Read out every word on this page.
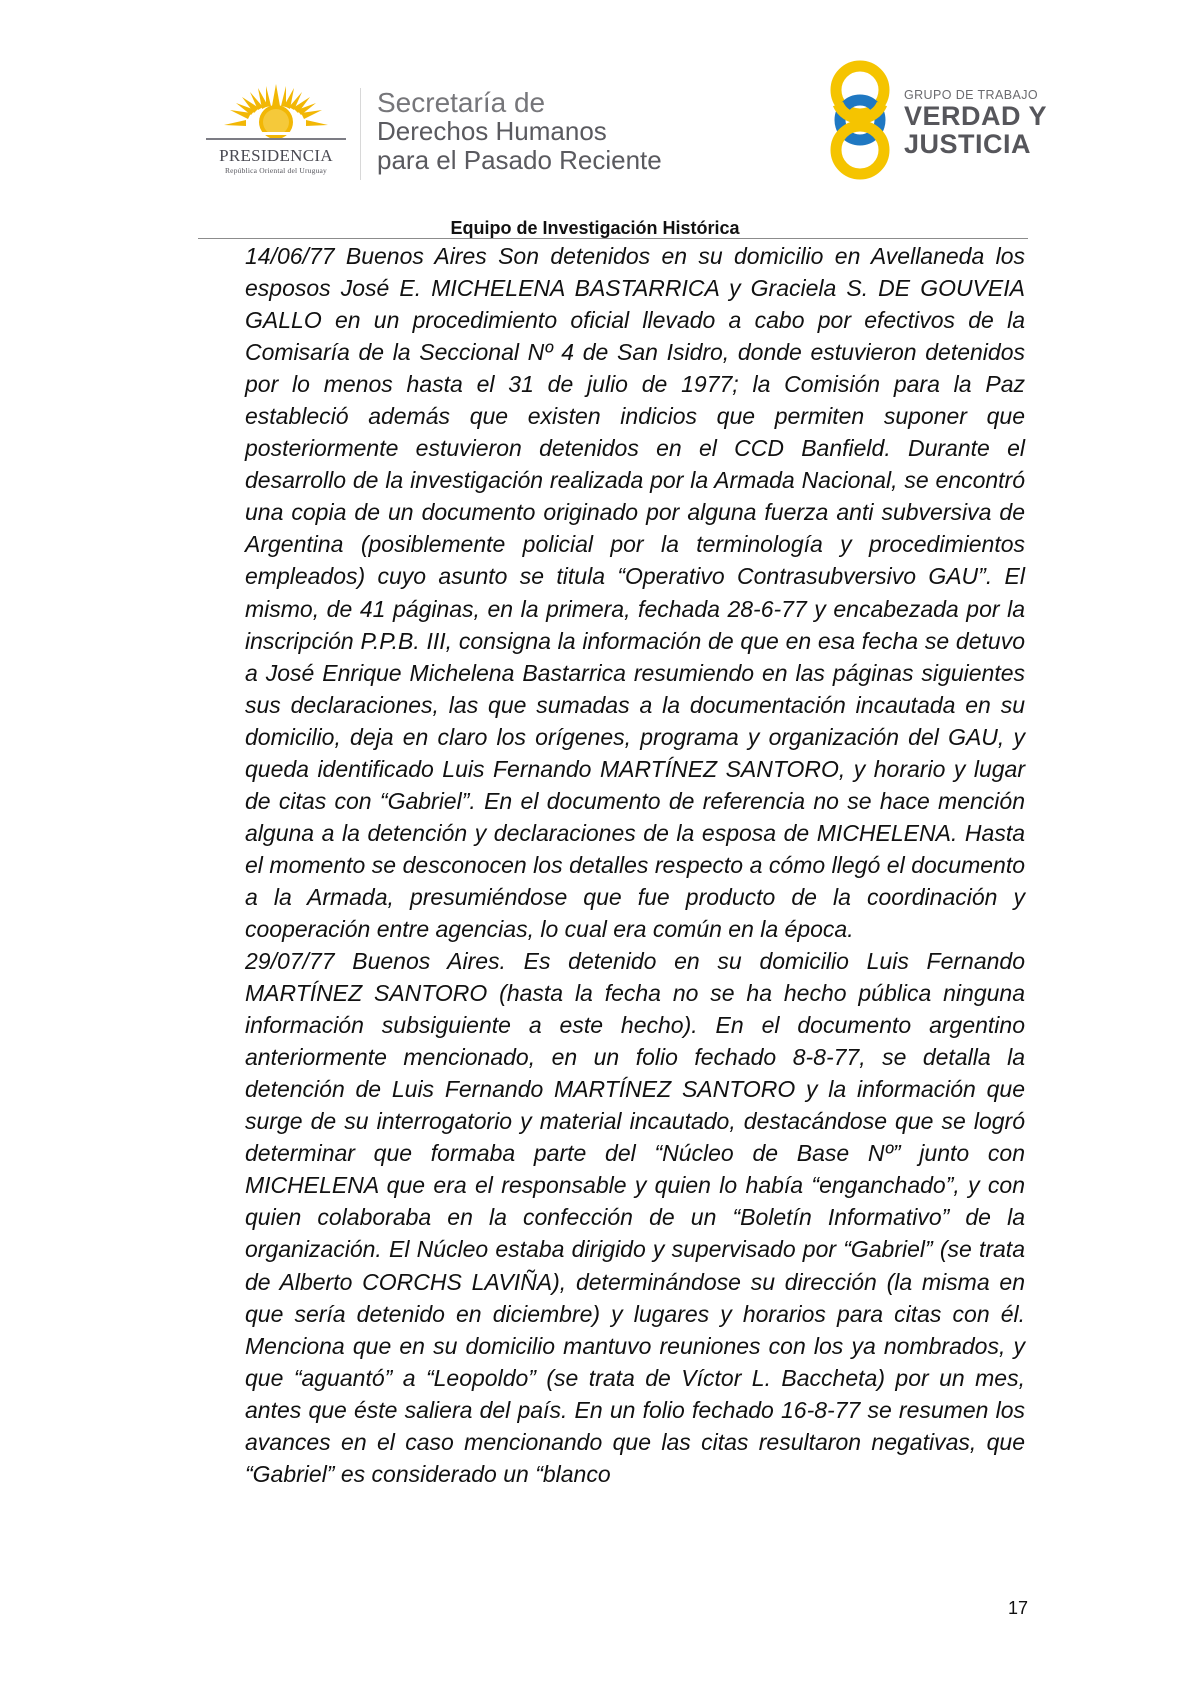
PRESIDENCIA
República Oriental del Uruguay
Secretaría de
Derechos Humanos
para el Pasado Reciente
GRUPO DE TRABAJO
VERDAD Y
JUSTICIA
Equipo de Investigación Histórica

14/06/77 Buenos Aires Son detenidos en su domicilio en Avellaneda los esposos José E. MICHELENA BASTARRICA y Graciela S. DE GOUVEIA GALLO en un procedimiento oficial llevado a cabo por efectivos de la Comisaría de la Seccional Nº 4 de San Isidro, donde estuvieron detenidos por lo menos hasta el 31 de julio de 1977; la Comisión para la Paz estableció además que existen indicios que permiten suponer que posteriormente estuvieron detenidos en el CCD Banfield. Durante el desarrollo de la investigación realizada por la Armada Nacional, se encontró una copia de un documento originado por alguna fuerza anti subversiva de Argentina (posiblemente policial por la terminología y procedimientos empleados) cuyo asunto se titula “Operativo Contrasubversivo GAU”. El mismo, de 41 páginas, en la primera, fechada 28-6-77 y encabezada por la inscripción P.P.B. III, consigna la información de que en esa fecha se detuvo a José Enrique Michelena Bastarrica resumiendo en las páginas siguientes sus declaraciones, las que sumadas a la documentación incautada en su domicilio, deja en claro los orígenes, programa y organización del GAU, y queda identificado Luis Fernando MARTÍNEZ SANTORO, y horario y lugar de citas con “Gabriel”. En el documento de referencia no se hace mención alguna a la detención y declaraciones de la esposa de MICHELENA. Hasta el momento se desconocen los detalles respecto a cómo llegó el documento a la Armada, presumiéndose que fue producto de la coordinación y cooperación entre agencias, lo cual era común en la época.

29/07/77 Buenos Aires. Es detenido en su domicilio Luis Fernando MARTÍNEZ SANTORO (hasta la fecha no se ha hecho pública ninguna información subsiguiente a este hecho). En el documento argentino anteriormente mencionado, en un folio fechado 8-8-77, se detalla la detención de Luis Fernando MARTÍNEZ SANTORO y la información que surge de su interrogatorio y material incautado, destacándose que se logró determinar que formaba parte del “Núcleo de Base Nº” junto con MICHELENA que era el responsable y quien lo había “enganchado”, y con quien colaboraba en la confección de un “Boletín Informativo” de la organización. El Núcleo estaba dirigido y supervisado por “Gabriel” (se trata de Alberto CORCHS LAVIÑA), determinándose su dirección (la misma en que sería detenido en diciembre) y lugares y horarios para citas con él. Menciona que en su domicilio mantuvo reuniones con los ya nombrados, y que “aguantó” a “Leopoldo” (se trata de Víctor L. Baccheta) por un mes, antes que éste saliera del país. En un folio fechado 16-8-77 se resumen los avances en el caso mencionando que las citas resultaron negativas, que “Gabriel” es considerado un “blanco

17
